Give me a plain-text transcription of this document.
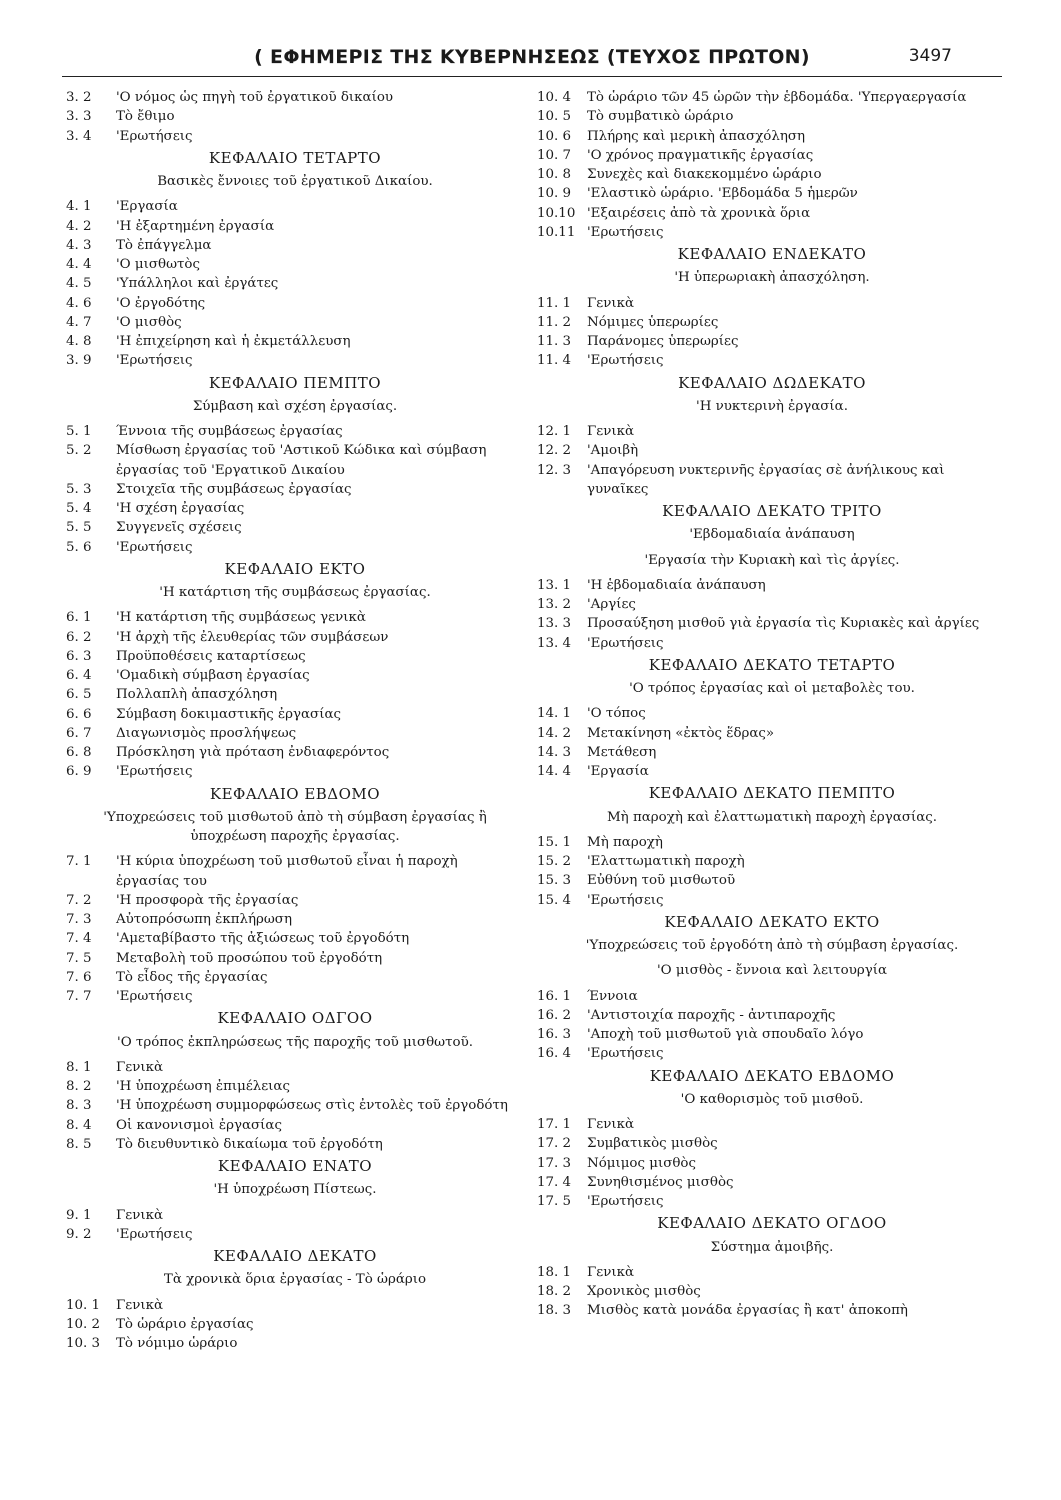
( ΕΦΗΜΕΡΙΣ ΤΗΣ ΚΥΒΕΡΝΗΣΕΩΣ (ΤΕΥΧΟΣ ΠΡΩΤΟΝ)	3497
3. 2	'Ο νόμος ὡς πηγὴ τοῦ ἐργατικοῦ δικαίου
3. 3	Τὸ ἔθιμο
3. 4	'Ερωτήσεις
ΚΕΦΑΛΑΙΟ ΤΕΤΑΡΤΟ
Βασικὲς ἔννοιες τοῦ ἐργατικοῦ Δικαίου.
4. 1	'Εργασία
4. 2	'Η ἐξαρτημένη ἐργασία
4. 3	Τὸ ἐπάγγελμα
4. 4	'Ο μισθωτὸς
4. 5	'Υπάλληλοι καὶ ἐργάτες
4. 6	'Ο ἐργοδότης
4. 7	'Ο μισθὸς
4. 8	'Η ἐπιχείρηση καὶ ἡ ἐκμετάλλευση
3. 9	'Ερωτήσεις
ΚΕΦΑΛΑΙΟ ΠΕΜΠΤΟ
Σύμβαση καὶ σχέση ἐργασίας.
5. 1	Έννοια τῆς συμβάσεως ἐργασίας
5. 2	Μίσθωση ἐργασίας τοῦ 'Αστικοῦ Κώδικα καὶ σύμβαση ἐργασίας τοῦ 'Εργατικοῦ Δικαίου
5. 3	Στοιχεῖα τῆς συμβάσεως ἐργασίας
5. 4	'Η σχέση ἐργασίας
5. 5	Συγγενεῖς σχέσεις
5. 6	'Ερωτήσεις
ΚΕΦΑΛΑΙΟ ΕΚΤΟ
'Η κατάρτιση τῆς συμβάσεως ἐργασίας.
6. 1	'Η κατάρτιση τῆς συμβάσεως γενικὰ
6. 2	'Η ἀρχὴ τῆς ἐλευθερίας τῶν συμβάσεων
6. 3	Προϋποθέσεις καταρτίσεως
6. 4	'Ομαδικὴ σύμβαση ἐργασίας
6. 5	Πολλαπλὴ ἀπασχόληση
6. 6	Σύμβαση δοκιμαστικῆς ἐργασίας
6. 7	Διαγωνισμὸς προσλήψεως
6. 8	Πρόσκληση γιὰ πρόταση ἐνδιαφερόντος
6. 9	'Ερωτήσεις
ΚΕΦΑΛΑΙΟ ΕΒΔΟΜΟ
'Υποχρεώσεις τοῦ μισθωτοῦ ἀπὸ τὴ σύμβαση ἐργασίας ἢ ὑποχρέωση παροχῆς ἐργασίας.
7. 1	'Η κύρια ὑποχρέωση τοῦ μισθωτοῦ εἶναι ἡ παροχὴ ἐργασίας του
7. 2	'Η προσφορὰ τῆς ἐργασίας
7. 3	Αὐτοπρόσωπη ἐκπλήρωση
7. 4	'Αμεταβίβαστο τῆς ἀξιώσεως τοῦ ἐργοδότη
7. 5	Μεταβολὴ τοῦ προσώπου τοῦ ἐργοδότη
7. 6	Τὸ εἶδος τῆς ἐργασίας
7. 7	'Ερωτήσεις
ΚΕΦΑΛΑΙΟ ΟΔΓΟΟ
'Ο τρόπος ἐκπληρώσεως τῆς παροχῆς τοῦ μισθωτοῦ.
8. 1	Γενικὰ
8. 2	'Η ὑποχρέωση ἐπιμέλειας
8. 3	'Η ὑποχρέωση συμμορφώσεως στὶς ἐντολὲς τοῦ ἐργοδότη
8. 4	Οἱ κανονισμοὶ ἐργασίας
8. 5	Τὸ διευθυντικὸ δικαίωμα τοῦ ἐργοδότη
ΚΕΦΑΛΑΙΟ ΕΝΑΤΟ
'Η ὑποχρέωση Πίστεως.
9. 1	Γενικὰ
9. 2	'Ερωτήσεις
ΚΕΦΑΛΑΙΟ ΔΕΚΑΤΟ
Τὰ χρονικὰ ὅρια ἐργασίας - Τὸ ὡράριο
10. 1	Γενικὰ
10. 2	Τὸ ὡράριο ἐργασίας
10. 3	Τὸ νόμιμο ὡράριο
10. 4	Τὸ ὡράριο τῶν 45 ὡρῶν τὴν ἑβδομάδα. 'Υπεργαεργασία
10. 5	Τὸ συμβατικὸ ὡράριο
10. 6	Πλήρης καὶ μερικὴ ἀπασχόληση
10. 7	'Ο χρόνος πραγματικῆς ἐργασίας
10. 8	Συνεχὲς καὶ διακεκομμένο ὡράριο
10. 9	'Ελαστικὸ ὡράριο. 'Εβδομάδα 5 ἡμερῶν
10.10 'Εξαιρέσεις ἀπὸ τὰ χρονικὰ ὅρια
10.11 'Ερωτήσεις
ΚΕΦΑΛΑΙΟ ΕΝΔΕΚΑΤΟ
'Η ὑπερωριακὴ ἀπασχόληση.
11. 1	Γενικὰ
11. 2	Νόμιμες ὑπερωρίες
11. 3	Παράνομες ὑπερωρίες
11. 4	'Ερωτήσεις
ΚΕΦΑΛΑΙΟ ΔΩΔΕΚΑΤΟ
'Η νυκτερινὴ ἐργασία.
12. 1	Γενικὰ
12. 2	'Αμοιβὴ
12. 3	'Απαγόρευση νυκτερινῆς ἐργασίας σὲ ἀνήλικους καὶ γυναῖκες
ΚΕΦΑΛΑΙΟ ΔΕΚΑΤΟ ΤΡΙΤΟ
'Εβδομαδιαία ἀνάπαυση
'Εργασία τὴν Κυριακὴ καὶ τὶς ἀργίες.
13. 1	'Η ἑβδομαδιαία ἀνάπαυση
13. 2	'Αργίες
13. 3	Προσαύξηση μισθοῦ γιὰ ἐργασία τὶς Κυριακὲς καὶ ἀργίες
13. 4	'Ερωτήσεις
ΚΕΦΑΛΑΙΟ ΔΕΚΑΤΟ ΤΕΤΑΡΤΟ
'Ο τρόπος ἐργασίας καὶ οἱ μεταβολὲς του.
14. 1	'Ο τόπος
14. 2	Μετακίνηση «ἐκτὸς ἕδρας»
14. 3	Μετάθεση
14. 4	'Εργασία
ΚΕΦΑΛΑΙΟ ΔΕΚΑΤΟ ΠΕΜΠΤΟ
Μὴ παροχὴ καὶ ἐλαττωματικὴ παροχὴ ἐργασίας.
15. 1	Μὴ παροχὴ
15. 2	'Ελαττωματικὴ παροχὴ
15. 3	Εὐθύνη τοῦ μισθωτοῦ
15. 4	'Ερωτήσεις
ΚΕΦΑΛΑΙΟ ΔΕΚΑΤΟ ΕΚΤΟ
'Υποχρεώσεις τοῦ ἐργοδότη ἀπὸ τὴ σύμβαση ἐργασίας.
'Ο μισθὸς - ἔννοια καὶ λειτουργία
16. 1	Έννοια
16. 2	'Αντιστοιχία παροχῆς - ἀντιπαροχῆς
16. 3	'Αποχὴ τοῦ μισθωτοῦ γιὰ σπουδαῖο λόγο
16. 4	'Ερωτήσεις
ΚΕΦΑΛΑΙΟ ΔΕΚΑΤΟ ΕΒΔΟΜΟ
'Ο καθορισμὸς τοῦ μισθοῦ.
17. 1	Γενικὰ
17. 2	Συμβατικὸς μισθὸς
17. 3	Νόμιμος μισθὸς
17. 4	Συνηθισμένος μισθὸς
17. 5	'Ερωτήσεις
ΚΕΦΑΛΑΙΟ ΔΕΚΑΤΟ ΟΓΔΟΟ
Σύστημα ἀμοιβῆς.
18. 1	Γενικὰ
18. 2	Χρονικὸς μισθὸς
18. 3	Μισθὸς κατὰ μονάδα ἐργασίας ἢ κατ' ἀποκοπὴ
